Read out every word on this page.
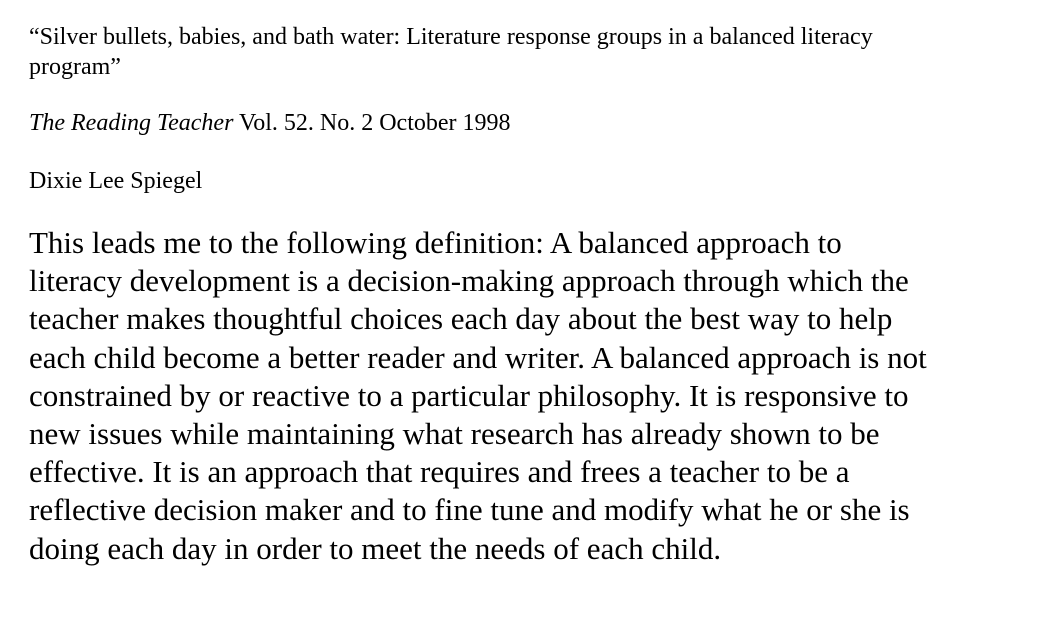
“Silver bullets, babies, and bath water: Literature response groups in a balanced literacy program”

The Reading Teacher Vol. 52. No. 2 October 1998

Dixie Lee Spiegel

This leads me to the following definition: A balanced approach to
literacy development is a decision-making approach through which the
teacher makes thoughtful choices each day about the best way to help
each child become a better reader and writer. A balanced approach is not
constrained by or reactive to a particular philosophy. It is responsive to
new issues while maintaining what research has already shown to be
effective. It is an approach that requires and frees a teacher to be a
reflective decision maker and to fine tune and modify what he or she is
doing each day in order to meet the needs of each child.
